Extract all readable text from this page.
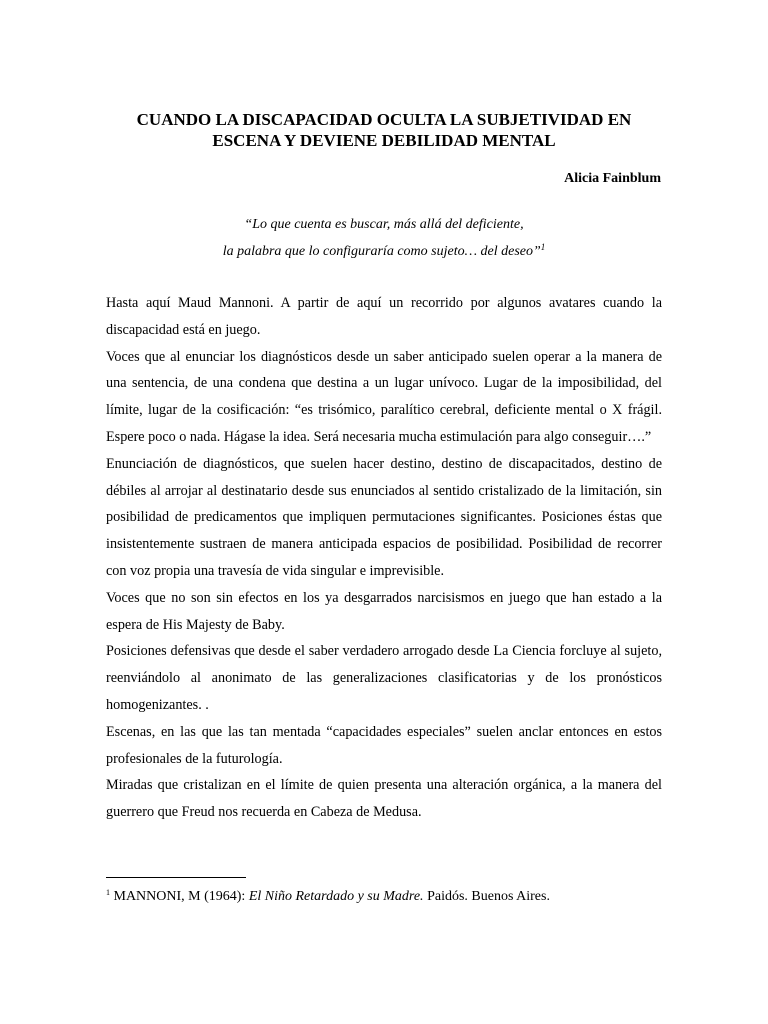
CUANDO LA DISCAPACIDAD OCULTA LA SUBJETIVIDAD EN
ESCENA Y DEVIENE DEBILIDAD MENTAL
Alicia Fainblum
“Lo que cuenta es buscar, más allá del deficiente,
la palabra que lo configuraría como sujeto… del deseo”$^1$

Hasta aquí Maud Mannoni. A partir de aquí un recorrido por algunos avatares cuando la discapacidad está en juego.

Voces que al enunciar los diagnósticos desde un saber anticipado suelen operar a la manera de una sentencia, de una condena que destina a un lugar unívoco. Lugar de la imposibilidad, del límite, lugar de la cosificación: “es trisómico, paralítico cerebral, deficiente mental o X frágil. Espere poco o nada. Hágase la idea. Será necesaria mucha estimulación para algo conseguir….”

Enunciación de diagnósticos, que suelen hacer destino, destino de discapacitados, destino de débiles al arrojar al destinatario desde sus enunciados al sentido cristalizado de la limitación, sin posibilidad de predicamentos que impliquen permutaciones significantes. Posiciones éstas que insistentemente sustraen de manera anticipada espacios de posibilidad. Posibilidad de recorrer con voz propia una travesía de vida singular e imprevisible.

Voces que no son sin efectos en los ya desgarrados narcisismos en juego que han estado a la espera de His Majesty de Baby.

Posiciones defensivas que desde el saber verdadero arrogado desde La Ciencia forcluye al sujeto, reenviándolo al anonimato de las generalizaciones clasificatorias y de los pronósticos homogenizantes. .

Escenas, en las que las tan mentada “capacidades especiales” suelen anclar entonces en estos profesionales de la futurología.

Miradas que cristalizan en el límite de quien presenta una alteración orgánica, a la manera del guerrero que Freud nos recuerda en Cabeza de Medusa.

$^1$ MANNONI, M (1964): El Niño Retardado y su Madre. Paidós. Buenos Aires.
